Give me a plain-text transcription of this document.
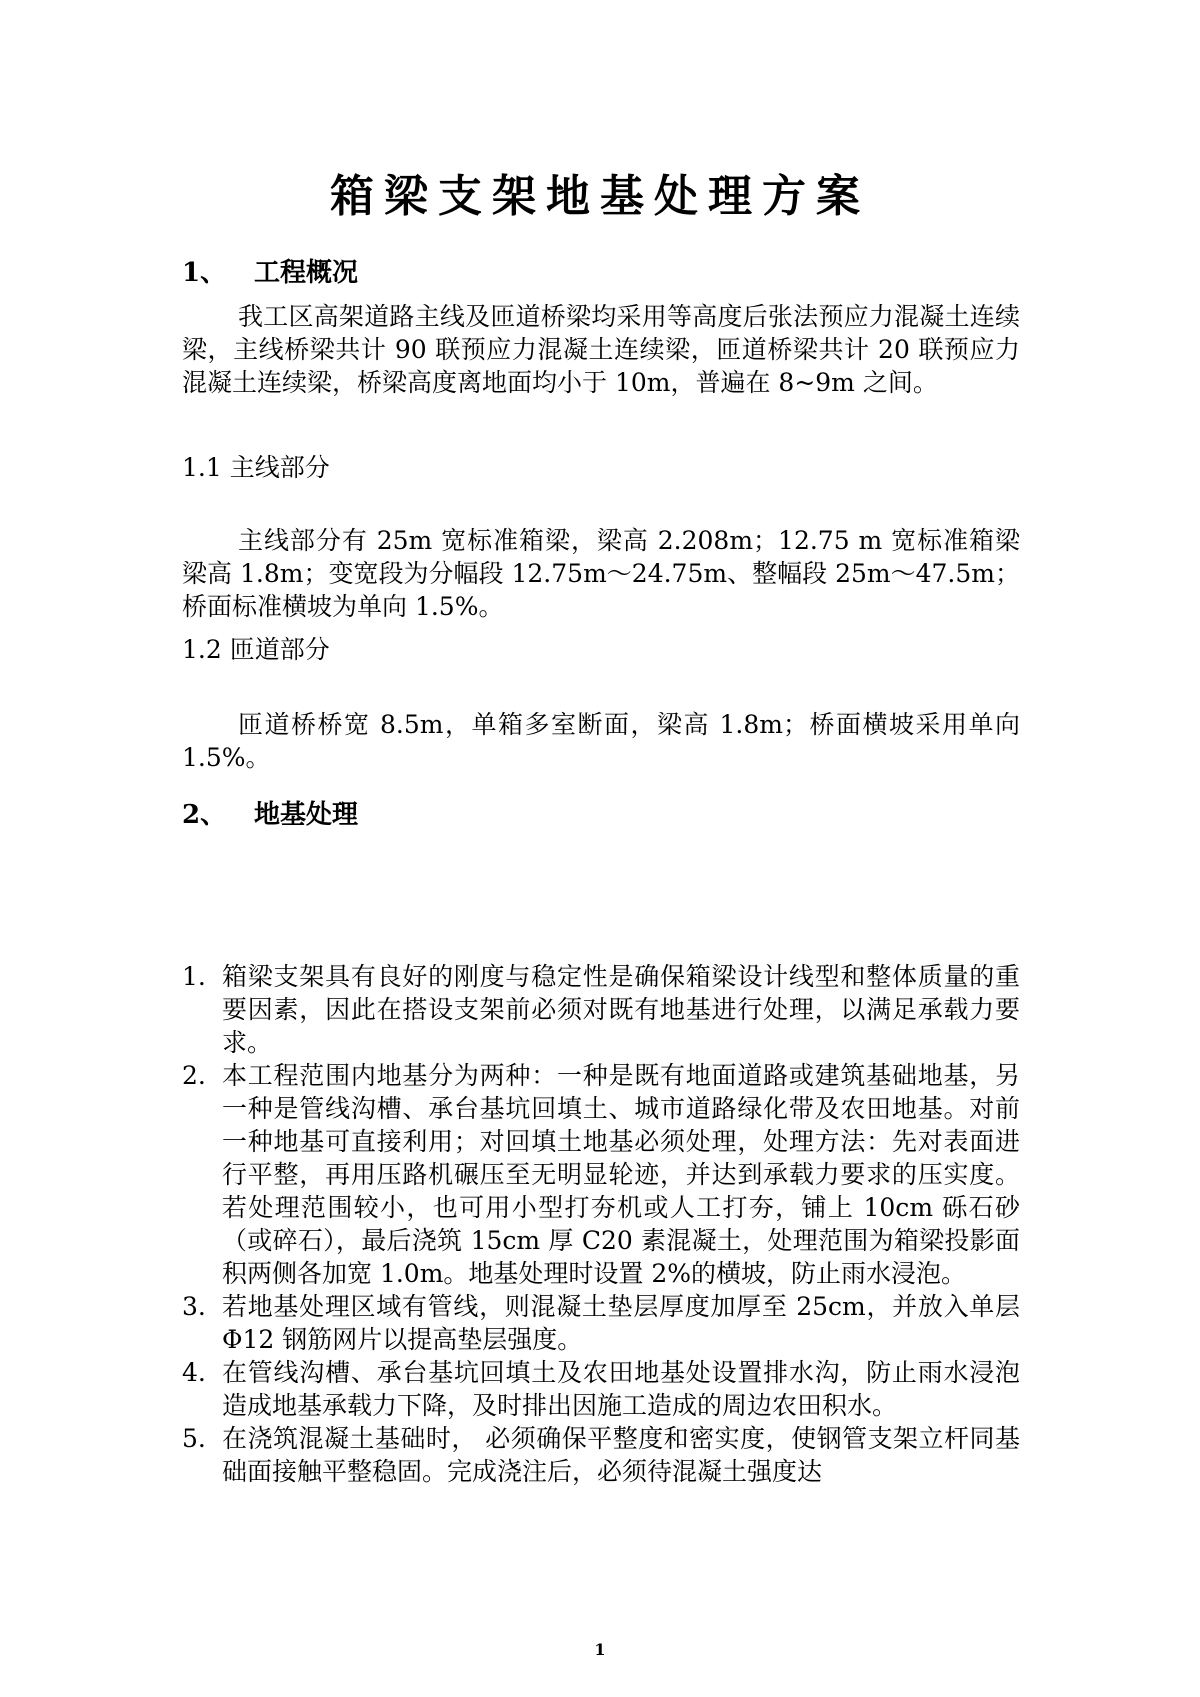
箱梁支架地基处理方案
1、 工程概况

我工区高架道路主线及匝道桥梁均采用等高度后张法预应力混凝土连续梁，主线桥梁共计 90 联预应力混凝土连续梁，匝道桥梁共计 20 联预应力混凝土连续梁，桥梁高度离地面均小于 10m，普遍在 8~9m 之间。

1.1 主线部分

主线部分有 25m 宽标准箱梁，梁高 2.208m；12.75 m 宽标准箱梁梁高 1.8m；变宽段为分幅段 12.75m～24.75m、整幅段 25m～47.5m；桥面标准横坡为单向 1.5%。

1.2 匝道部分

匝道桥桥宽 8.5m，单箱多室断面，梁高 1.8m；桥面横坡采用单向 1.5%。

2、 地基处理
1. 箱梁支架具有良好的刚度与稳定性是确保箱梁设计线型和整体质量的重要因素，因此在搭设支架前必须对既有地基进行处理，以满足承载力要求。
2. 本工程范围内地基分为两种：一种是既有地面道路或建筑基础地基，另一种是管线沟槽、承台基坑回填土、城市道路绿化带及农田地基。对前一种地基可直接利用；对回填土地基必须处理，处理方法：先对表面进行平整，再用压路机碾压至无明显轮迹，并达到承载力要求的压实度。若处理范围较小，也可用小型打夯机或人工打夯，铺上 10cm 砾石砂（或碎石），最后浇筑 15cm 厚 C20 素混凝土，处理范围为箱梁投影面积两侧各加宽 1.0m。地基处理时设置 2%的横坡，防止雨水浸泡。
3. 若地基处理区域有管线，则混凝土垫层厚度加厚至 25cm，并放入单层 Φ12 钢筋网片以提高垫层强度。
4. 在管线沟槽、承台基坑回填土及农田地基处设置排水沟，防止雨水浸泡造成地基承载力下降，及时排出因施工造成的周边农田积水。
5. 在浇筑混凝土基础时， 必须确保平整度和密实度，使钢管支架立杆同基础面接触平整稳固。完成浇注后，必须待混凝土强度达
1
